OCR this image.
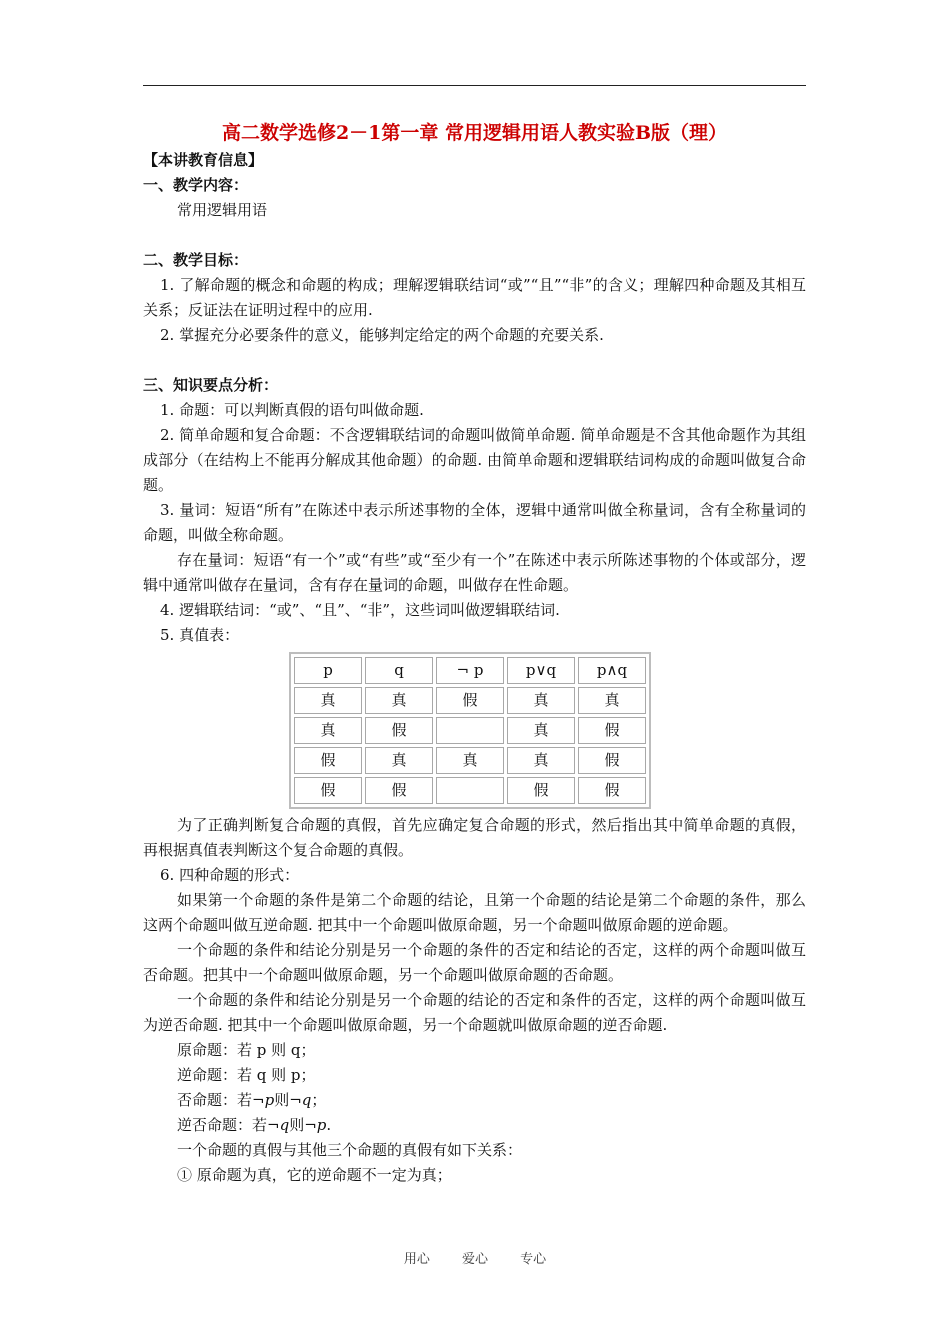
高二数学选修2－1第一章 常用逻辑用语人教实验B版（理）

【本讲教育信息】

一、教学内容：

常用逻辑用语

二、教学目标：

1. 了解命题的概念和命题的构成；理解逻辑联结词“或”“且”“非”的含义；理解四种命题及其相互关系；反证法在证明过程中的应用.

2. 掌握充分必要条件的意义，能够判定给定的两个命题的充要关系.

三、知识要点分析：

1. 命题：可以判断真假的语句叫做命题.

2. 简单命题和复合命题：不含逻辑联结词的命题叫做简单命题. 简单命题是不含其他命题作为其组成部分（在结构上不能再分解成其他命题）的命题. 由简单命题和逻辑联结词构成的命题叫做复合命题。

3. 量词：短语“所有”在陈述中表示所述事物的全体，逻辑中通常叫做全称量词，含有全称量词的命题，叫做全称命题。

存在量词：短语“有一个”或“有些”或“至少有一个”在陈述中表示所陈述事物的个体或部分，逻辑中通常叫做存在量词，含有存在量词的命题，叫做存在性命题。

4. 逻辑联结词：“或”、“且”、“非”，这些词叫做逻辑联结词.

5. 真值表：

p	q	¬ p	p∨q	p∧q
真	真	假	真	真
真	假		真	假
假	真	真	真	假
假	假		假	假

为了正确判断复合命题的真假，首先应确定复合命题的形式，然后指出其中简单命题的真假，再根据真值表判断这个复合命题的真假。

6. 四种命题的形式：

如果第一个命题的条件是第二个命题的结论，且第一个命题的结论是第二个命题的条件，那么这两个命题叫做互逆命题. 把其中一个命题叫做原命题，另一个命题叫做原命题的逆命题。

一个命题的条件和结论分别是另一个命题的条件的否定和结论的否定，这样的两个命题叫做互否命题。把其中一个命题叫做原命题，另一个命题叫做原命题的否命题。

一个命题的条件和结论分别是另一个命题的结论的否定和条件的否定，这样的两个命题叫做互为逆否命题. 把其中一个命题叫做原命题，另一个命题就叫做原命题的逆否命题.

原命题：若 p 则 q；

逆命题：若 q 则 p；

否命题：若¬p则¬q；

逆否命题：若¬q则¬p.

一个命题的真假与其他三个命题的真假有如下关系：

① 原命题为真，它的逆命题不一定为真；

用心 爱心 专心
